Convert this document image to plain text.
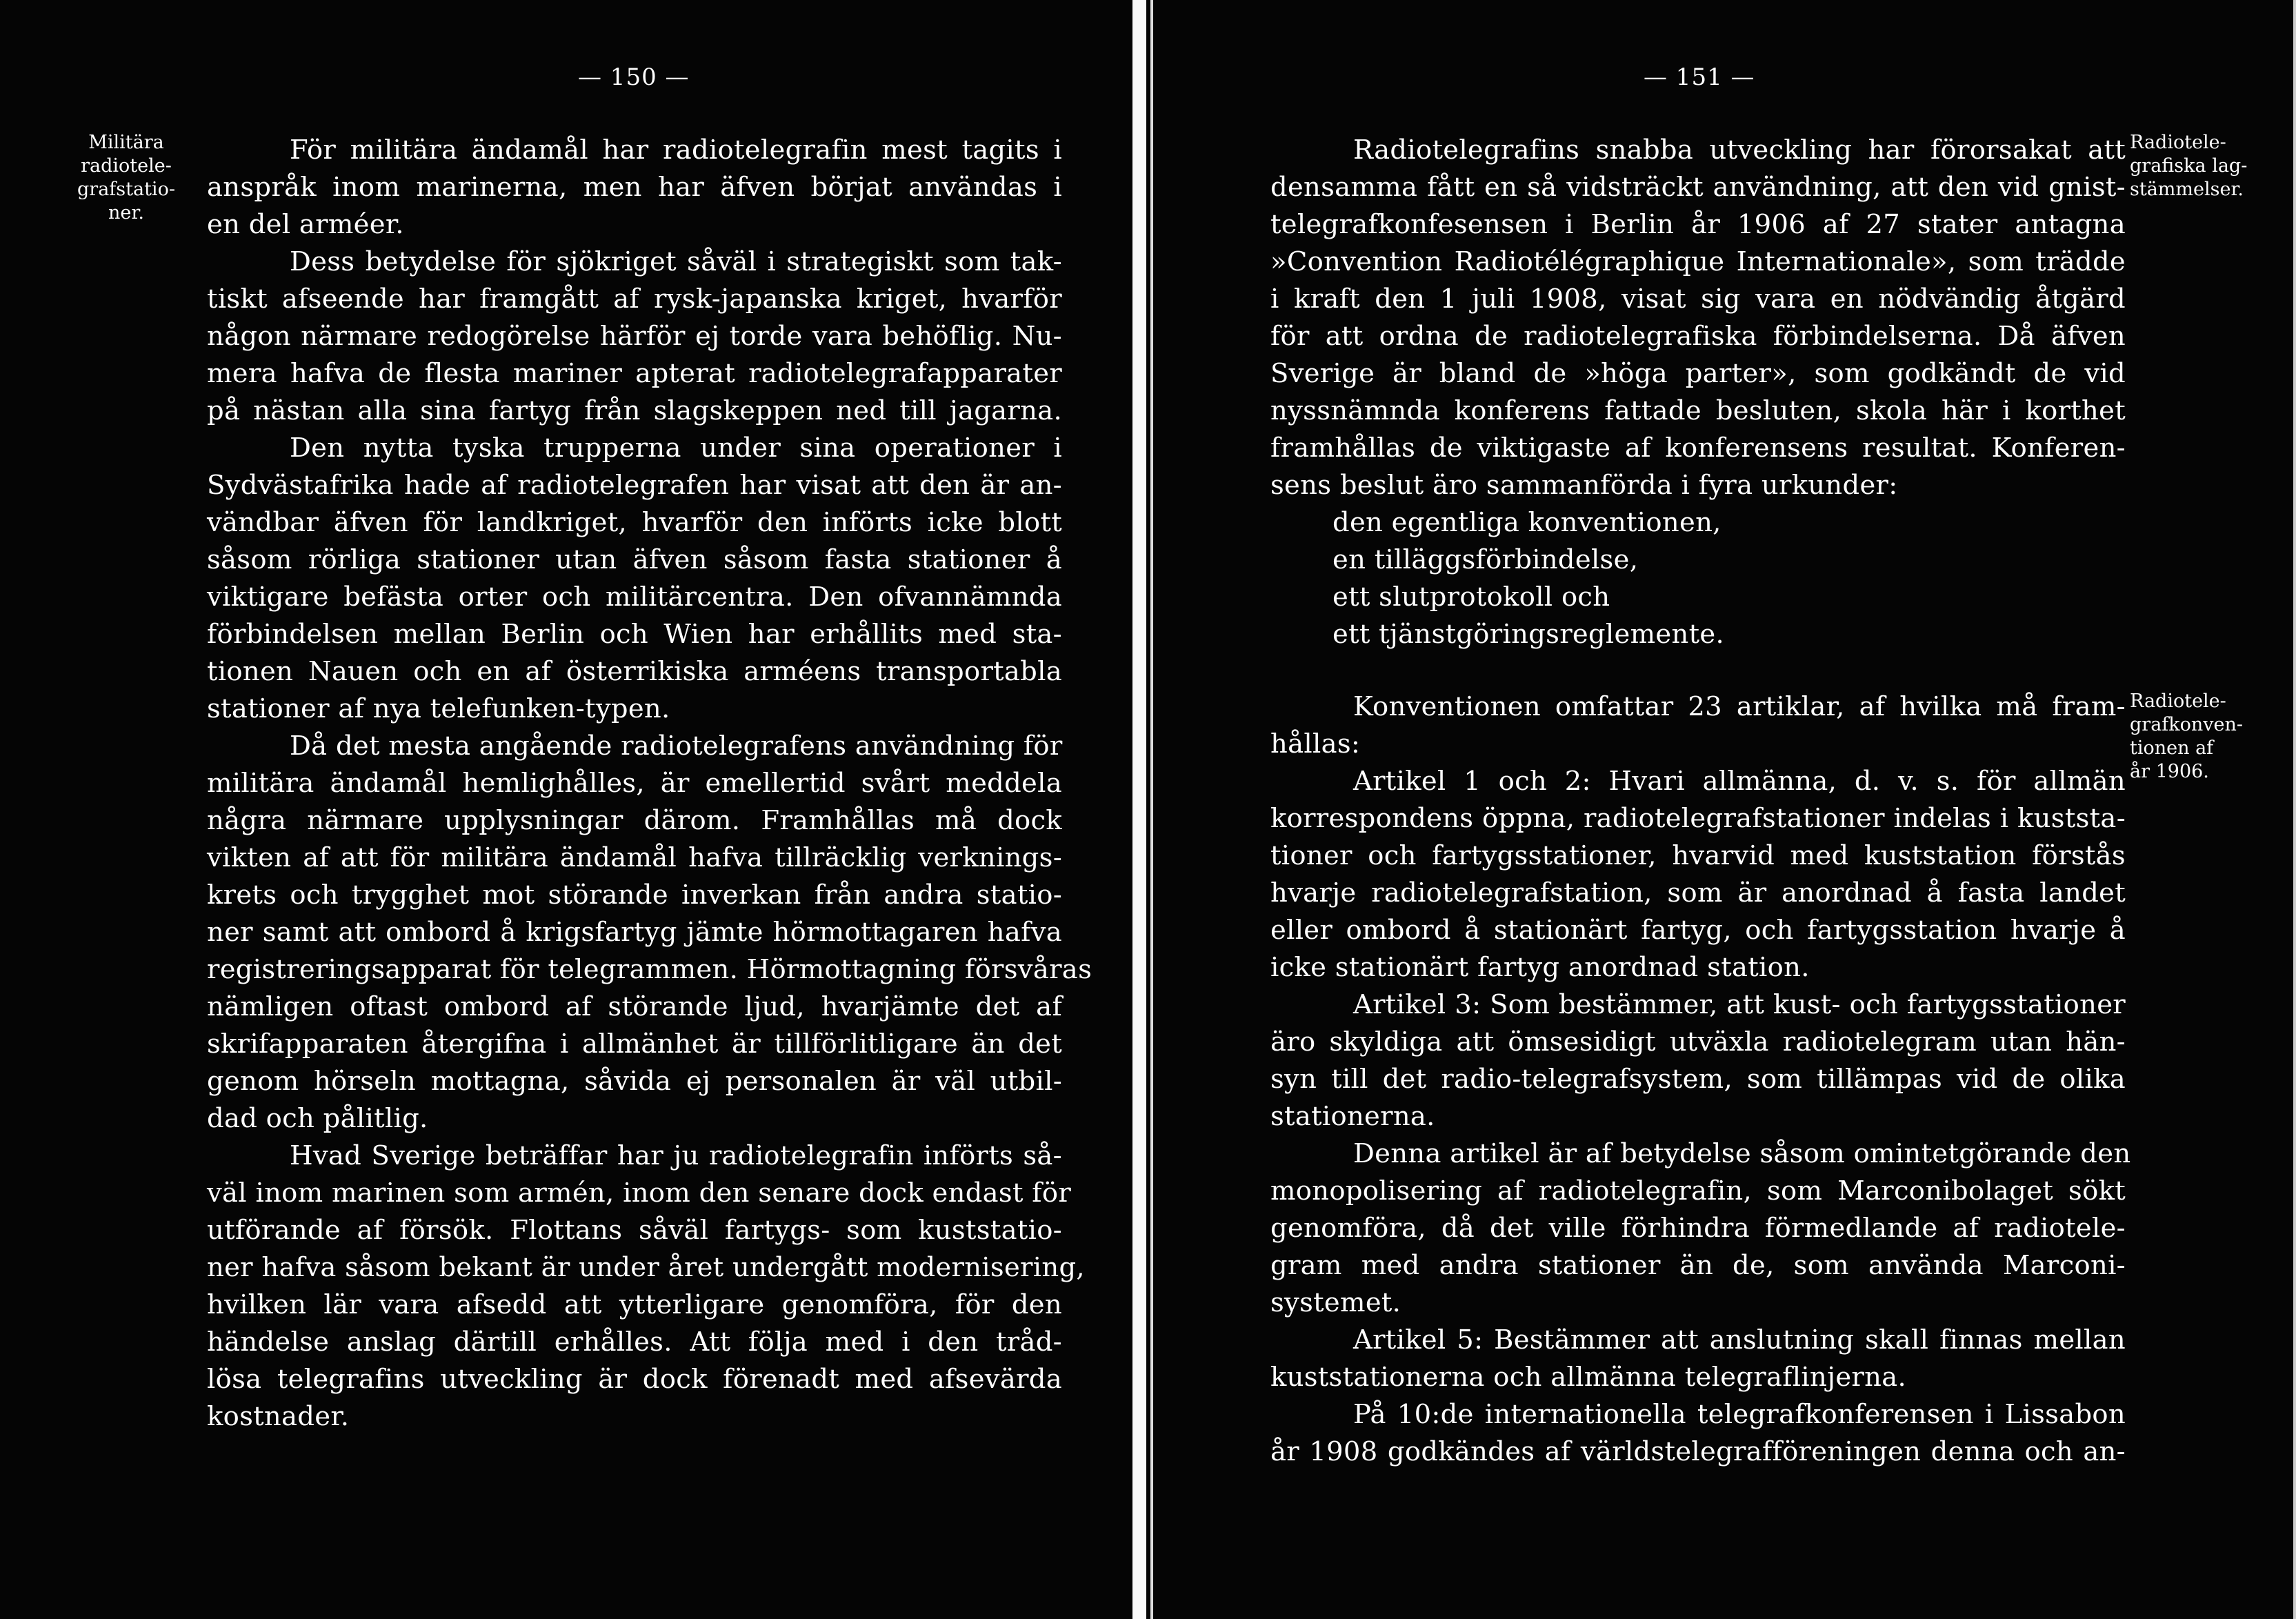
— 150 —
Militära
radiotele-
grafstatio-
ner.
För militära ändamål har radiotelegrafin mest tagits i
anspråk inom marinerna, men har äfven börjat användas i
en del arméer.
Dess betydelse för sjökriget såväl i strategiskt som tak-
tiskt afseende har framgått af rysk-japanska kriget, hvarför
någon närmare redogörelse härför ej torde vara behöflig. Nu-
mera hafva de flesta mariner apterat radiotelegrafapparater
på nästan alla sina fartyg från slagskeppen ned till jagarna.
Den nytta tyska trupperna under sina operationer i
Sydvästafrika hade af radiotelegrafen har visat att den är an-
vändbar äfven för landkriget, hvarför den införts icke blott
såsom rörliga stationer utan äfven såsom fasta stationer å
viktigare befästa orter och militärcentra. Den ofvannämnda
förbindelsen mellan Berlin och Wien har erhållits med sta-
tionen Nauen och en af österrikiska arméens transportabla
stationer af nya telefunken-typen.
Då det mesta angående radiotelegrafens användning för
militära ändamål hemlighålles, är emellertid svårt meddela
några närmare upplysningar därom. Framhållas må dock
vikten af att för militära ändamål hafva tillräcklig verknings-
krets och trygghet mot störande inverkan från andra statio-
ner samt att ombord å krigsfartyg jämte hörmottagaren hafva
registreringsapparat för telegrammen. Hörmottagning försvåras
nämligen oftast ombord af störande ljud, hvarjämte det af
skrifapparaten återgifna i allmänhet är tillförlitligare än det
genom hörseln mottagna, såvida ej personalen är väl utbil-
dad och pålitlig.
Hvad Sverige beträffar har ju radiotelegrafin införts så-
väl inom marinen som armén, inom den senare dock endast för
utförande af försök. Flottans såväl fartygs- som kuststatio-
ner hafva såsom bekant är under året undergått modernisering,
hvilken lär vara afsedd att ytterligare genomföra, för den
händelse anslag därtill erhålles. Att följa med i den tråd-
lösa telegrafins utveckling är dock förenadt med afsevärda
kostnader.
— 151 —
Radiotele-
grafiska lag-
stämmelser.
Radiotele-
grafkonven-
tionen af
år 1906.
Radiotelegrafins snabba utveckling har förorsakat att
densamma fått en så vidsträckt användning, att den vid gnist-
telegrafkonfesensen i Berlin år 1906 af 27 stater antagna
»Convention Radiotélégraphique Internationale», som trädde
i kraft den 1 juli 1908, visat sig vara en nödvändig åtgärd
för att ordna de radiotelegrafiska förbindelserna. Då äfven
Sverige är bland de »höga parter», som godkändt de vid
nyssnämnda konferens fattade besluten, skola här i korthet
framhållas de viktigaste af konferensens resultat. Konferen-
sens beslut äro sammanförda i fyra urkunder:
den egentliga konventionen,
en tilläggsförbindelse,
ett slutprotokoll och
ett tjänstgöringsreglemente.
Konventionen omfattar 23 artiklar, af hvilka må fram-
hållas:
Artikel 1 och 2: Hvari allmänna, d. v. s. för allmän
korrespondens öppna, radiotelegrafstationer indelas i kuststa-
tioner och fartygsstationer, hvarvid med kuststation förstås
hvarje radiotelegrafstation, som är anordnad å fasta landet
eller ombord å stationärt fartyg, och fartygsstation hvarje å
icke stationärt fartyg anordnad station.
Artikel 3: Som bestämmer, att kust- och fartygsstationer
äro skyldiga att ömsesidigt utväxla radiotelegram utan hän-
syn till det radio-telegrafsystem, som tillämpas vid de olika
stationerna.
Denna artikel är af betydelse såsom omintetgörande den
monopolisering af radiotelegrafin, som Marconibolaget sökt
genomföra, då det ville förhindra förmedlande af radiotele-
gram med andra stationer än de, som använda Marconi-
systemet.
Artikel 5: Bestämmer att anslutning skall finnas mellan
kuststationerna och allmänna telegraflinjerna.
På 10:de internationella telegrafkonferensen i Lissabon
år 1908 godkändes af världstelegrafföreningen denna och an-
